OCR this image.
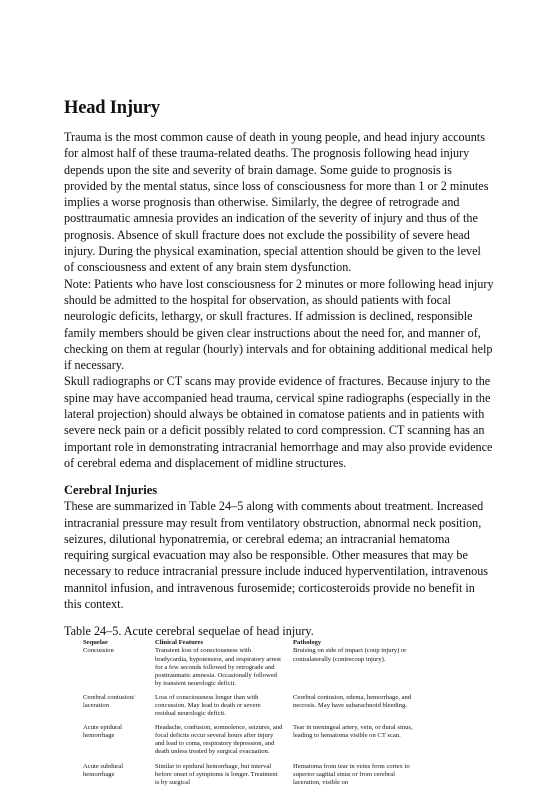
Head Injury

Trauma is the most common cause of death in young people, and head injury accounts for almost half of these trauma-related deaths. The prognosis following head injury depends upon the site and severity of brain damage. Some guide to prognosis is provided by the mental status, since loss of consciousness for more than 1 or 2 minutes implies a worse prognosis than otherwise. Similarly, the degree of retrograde and posttraumatic amnesia provides an indication of the severity of injury and thus of the prognosis. Absence of skull fracture does not exclude the possibility of severe head injury. During the physical examination, special attention should be given to the level of consciousness and extent of any brain stem dysfunction.

Note: Patients who have lost consciousness for 2 minutes or more following head injury should be admitted to the hospital for observation, as should patients with focal neurologic deficits, lethargy, or skull fractures. If admission is declined, responsible family members should be given clear instructions about the need for, and manner of, checking on them at regular (hourly) intervals and for obtaining additional medical help if necessary.

Skull radiographs or CT scans may provide evidence of fractures. Because injury to the spine may have accompanied head trauma, cervical spine radiographs (especially in the lateral projection) should always be obtained in comatose patients and in patients with severe neck pain or a deficit possibly related to cord compression. CT scanning has an important role in demonstrating intracranial hemorrhage and may also provide evidence of cerebral edema and displacement of midline structures.

Cerebral Injuries

These are summarized in Table 24–5 along with comments about treatment. Increased intracranial pressure may result from ventilatory obstruction, abnormal neck position, seizures, dilutional hyponatremia, or cerebral edema; an intracranial hematoma requiring surgical evacuation may also be responsible. Other measures that may be necessary to reduce intracranial pressure include induced hyperventilation, intravenous mannitol infusion, and intravenous furosemide; corticosteroids provide no benefit in this context.

Table 24–5. Acute cerebral sequelae of head injury.
Sequelae	Clinical Features	Pathology
Concussion	Transient loss of consciousness with bradycardia, hypotension, and respiratory arrest for a few seconds followed by retrograde and posttraumatic amnesia. Occasionally followed by transient neurologic deficit.	Bruising on side of impact (coup injury) or contralaterally (contrecoup injury).
Cerebral contusion/ laceration	Loss of consciousness longer than with concussion. May lead to death or severe residual neurologic deficit.	Cerebral contusion, edema, hemorrhage, and necrosis. May have subarachnoid bleeding.
Acute epidural hemorrhage	Headache, confusion, somnolence, seizures, and focal deficits occur several hours after injury and lead to coma, respiratory depression, and death unless treated by surgical evacuation.	Tear in meningeal artery, vein, or dural sinus, leading to hematoma visible on CT scan.
Acute subdural hemorrhage	Similar to epidural hemorrhage, but interval before onset of symptoms is longer. Treatment is by surgical	Hematoma from tear in veins from cortex to superior sagittal sinus or from cerebral laceration, visible on
